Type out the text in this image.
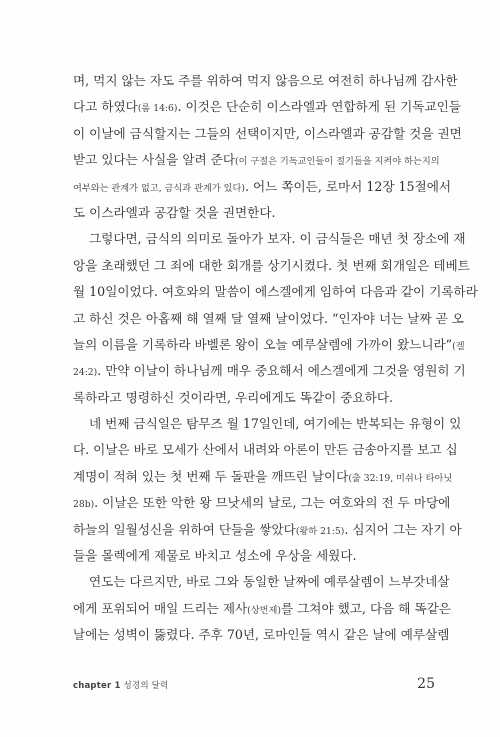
며, 먹지 않는 자도 주를 위하여 먹지 않음으로 여전히 하나님께 감사한
다고 하였다(롬 14:6). 이것은 단순히 이스라엘과 연합하게 된 기독교인들
이 이날에 금식할지는 그들의 선택이지만, 이스라엘과 공감할 것을 권면
받고 있다는 사실을 알려 준다(이 구절은 기독교인들이 절기들을 지켜야 하는지의
여부와는 관계가 없고, 금식과 관계가 있다). 어느 쪽이든, 로마서 12장 15절에서
도 이스라엘과 공감할 것을 권면한다.
그렇다면, 금식의 의미로 돌아가 보자. 이 금식들은 매년 첫 장소에 재
앙을 초래했던 그 죄에 대한 회개를 상기시켰다. 첫 번째 회개일은 테베트
월 10일이었다. 여호와의 말씀이 에스겔에게 임하여 다음과 같이 기록하라
고 하신 것은 아홉째 해 열째 달 열째 날이었다. “인자야 너는 날짜 곧 오
늘의 이름을 기록하라 바벨론 왕이 오늘 예루살렘에 가까이 왔느니라”(겔
24:2). 만약 이날이 하나님께 매우 중요해서 에스겔에게 그것을 영원히 기
록하라고 명령하신 것이라면, 우리에게도 똑같이 중요하다.
네 번째 금식일은 탐무즈 월 17일인데, 여기에는 반복되는 유형이 있
다. 이날은 바로 모세가 산에서 내려와 아론이 만든 금송아지를 보고 십
계명이 적혀 있는 첫 번째 두 돌판을 깨뜨린 날이다(출 32:19, 미쉬나 타아닛
28b). 이날은 또한 악한 왕 므낫세의 날로, 그는 여호와의 전 두 마당에
하늘의 일월성신을 위하여 단들을 쌓았다(왕하 21:5). 심지어 그는 자기 아
들을 몰렉에게 제물로 바치고 성소에 우상을 세웠다.
연도는 다르지만, 바로 그와 동일한 날짜에 예루살렘이 느부갓네살
에게 포위되어 매일 드리는 제사(상번제)를 그쳐야 했고, 다음 해 똑같은
날에는 성벽이 뚫렸다. 주후 70년, 로마인들 역시 같은 날에 예루살렘
chapter 1 성경의 달력	25
